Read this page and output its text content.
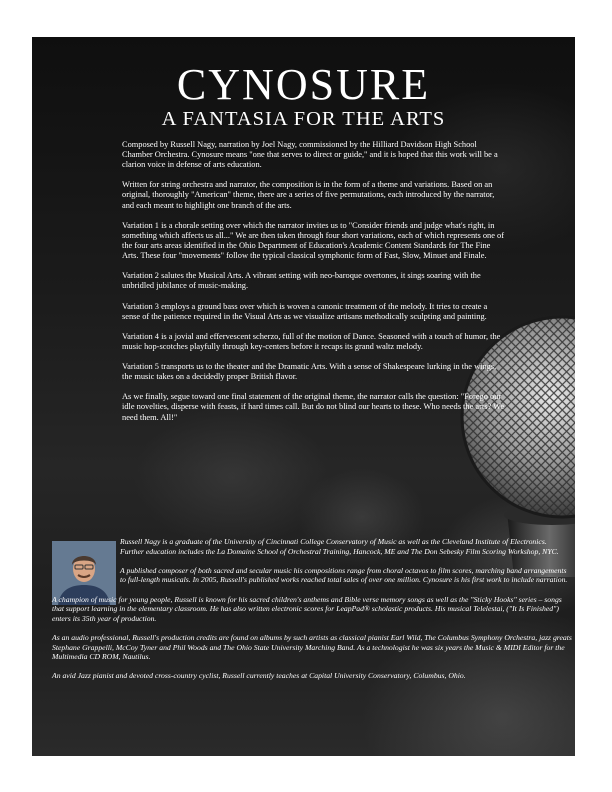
CYNOSURE
A FANTASIA FOR THE ARTS

Composed by Russell Nagy, narration by Joel Nagy, commissioned by the Hilliard Davidson High School Chamber Orchestra. Cynosure means "one that serves to direct or guide," and it is hoped that this work will be a clarion voice in defense of arts education.

Written for string orchestra and narrator, the composition is in the form of a theme and variations. Based on an original, thoroughly "American" theme, there are a series of five permutations, each introduced by the narrator, and each meant to highlight one branch of the arts.

Variation 1 is a chorale setting over which the narrator invites us to "Consider friends and judge what's right, in something which affects us all..." We are then taken through four short variations, each of which represents one of the four arts areas identified in the Ohio Department of Education's Academic Content Standards for The Fine Arts. These four "movements" follow the typical classical symphonic form of Fast, Slow, Minuet and Finale.

Variation 2 salutes the Musical Arts. A vibrant setting with neo-baroque overtones, it sings soaring with the unbridled jubilance of music-making.

Variation 3 employs a ground bass over which is woven a canonic treatment of the melody. It tries to create a sense of the patience required in the Visual Arts as we visualize artisans methodically sculpting and painting.

Variation 4 is a jovial and effervescent scherzo, full of the motion of Dance. Seasoned with a touch of humor, the music hop-scotches playfully through key-centers before it recaps its grand waltz melody.

Variation 5 transports us to the theater and the Dramatic Arts. With a sense of Shakespeare lurking in the wings, the music takes on a decidedly proper British flavor.

As we finally, segue toward one final statement of the original theme, the narrator calls the question: "Forego our idle novelties, disperse with feasts, if hard times call. But do not blind our hearts to these. Who needs the arts? We need them. All!"

Russell Nagy is a graduate of the University of Cincinnati College Conservatory of Music as well as the Cleveland Institute of Electronics. Further education includes the La Domaine School of Orchestral Training, Hancock, ME and The Don Sebesky Film Scoring Workshop, NYC.

A published composer of both sacred and secular music his compositions range from choral octavos to film scores, marching band arrangements to full-length musicals. In 2005, Russell's published works reached total sales of over one million. Cynosure is his first work to include narration.

A champion of music for young people, Russell is known for his sacred children's anthems and Bible verse memory songs as well as the "Sticky Hooks" series – songs that support learning in the elementary classroom. He has also written electronic scores for LeapPad® scholastic products. His musical Telelestai, ("It Is Finished") enters its 35th year of production.

As an audio professional, Russell's production credits are found on albums by such artists as classical pianist Earl Wild, The Columbus Symphony Orchestra, jazz greats Stephane Grappelli, McCoy Tyner and Phil Woods and The Ohio State University Marching Band. As a technologist he was six years the Music & MIDI Editor for the Multimedia CD ROM, Nautilus.

An avid Jazz pianist and devoted cross-country cyclist, Russell currently teaches at Capital University Conservatory, Columbus, Ohio.
